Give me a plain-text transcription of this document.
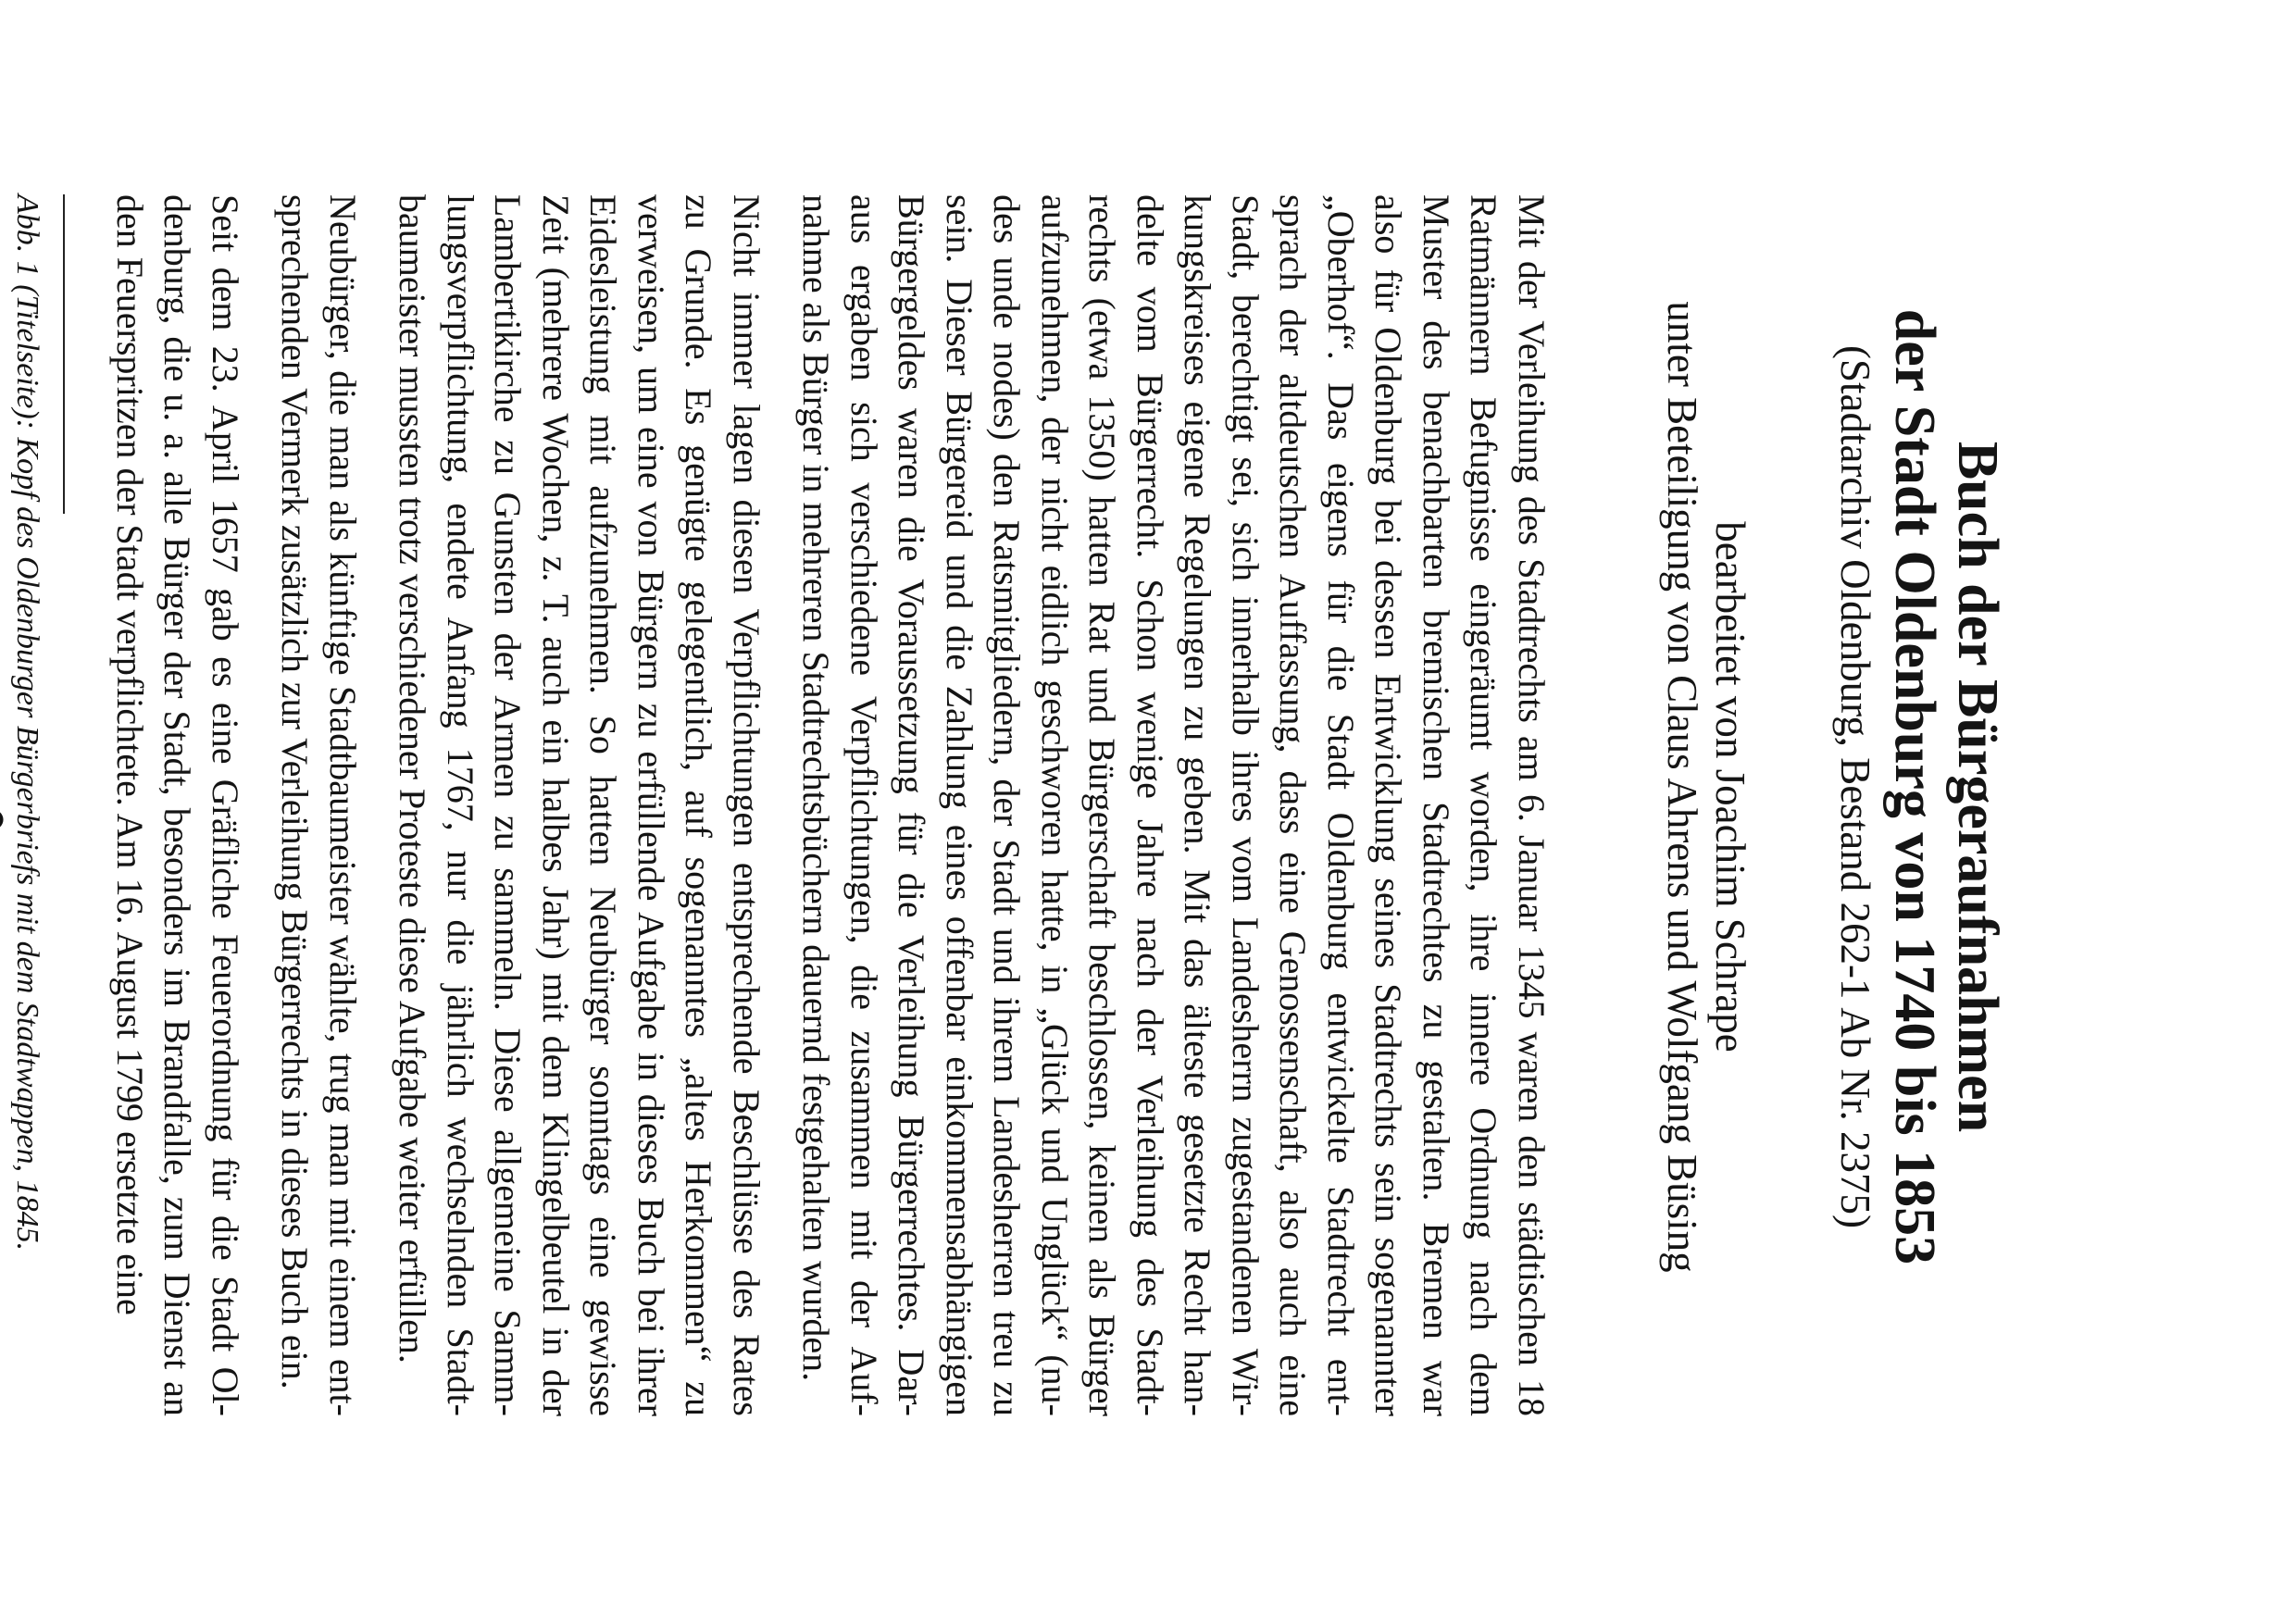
Buch der Bürgeraufnahmen
der Stadt Oldenburg von 1740 bis 1853

(Stadtarchiv Oldenburg, Bestand 262-1 Ab Nr. 2375)

bearbeitet von Joachim Schrape

unter Beteiligung von Claus Ahrens und Wolfgang Büsing

Mit der Verleihung des Stadtrechts am 6. Januar 1345 waren den städtischen 18
Ratmännern Befugnisse eingeräumt worden, ihre innere Ordnung nach dem
Muster des benachbarten bremischen Stadtrechtes zu gestalten. Bremen war
also für Oldenburg bei dessen Entwicklung seines Stadtrechts sein sogenannter
„Oberhof“. Das eigens für die Stadt Oldenburg entwickelte Stadtrecht ent-
sprach der altdeutschen Auffassung, dass eine Genossenschaft, also auch eine
Stadt, berechtigt sei, sich innerhalb ihres vom Landesherrn zugestandenen Wir-
kungskreises eigene Regelungen zu geben. Mit das älteste gesetzte Recht han-
delte vom Bürgerrecht. Schon wenige Jahre nach der Verleihung des Stadt-
rechts (etwa 1350) hatten Rat und Bürgerschaft beschlossen, keinen als Bürger
aufzunehmen, der nicht eidlich geschworen hatte, in „Glück und Unglück“ (nu-
des unde nodes) den Ratsmitgliedern, der Stadt und ihrem Landesherren treu zu
sein. Dieser Bürgereid und die Zahlung eines offenbar einkommensabhängigen
Bürgergeldes waren die Voraussetzung für die Verleihung Bürgerrechtes. Dar-
aus ergaben sich verschiedene Verpflichtungen, die zusammen mit der Auf-
nahme als Bürger in mehreren Stadtrechtsbüchern dauernd festgehalten wurden.
Nicht immer lagen diesen Verpflichtungen entsprechende Beschlüsse des Rates
zu Grunde. Es genügte gelegentlich, auf sogenanntes „altes Herkommen“ zu
verweisen, um eine von Bürgern zu erfüllende Aufgabe in dieses Buch bei ihrer
Eidesleistung mit aufzunehmen. So hatten Neubürger sonntags eine gewisse
Zeit (mehrere Wochen, z. T. auch ein halbes Jahr) mit dem Klingelbeutel in der
Lambertikirche zu Gunsten der Armen zu sammeln. Diese allgemeine Samm-
lungsverpflichtung, endete Anfang 1767, nur die jährlich wechselnden Stadt-
baumeister mussten trotz verschiedener Proteste diese Aufgabe weiter erfüllen.
Neubürger, die man als künftige Stadtbaumeister wählte, trug man mit einem ent-
sprechenden Vermerk zusätzlich zur Verleihung Bürgerrechts in dieses Buch ein.
Seit dem 23. April 1657 gab es eine Gräfliche Feuerordnung für die Stadt Ol-
denburg, die u. a. alle Bürger der Stadt, besonders im Brandfalle, zum Dienst an
den Feuerspritzen der Stadt verpflichtete. Am 16. August 1799 ersetzte eine

Abb. 1 (Titelseite): Kopf des Oldenburger Bürgerbriefs mit dem Stadtwappen, 1845.
